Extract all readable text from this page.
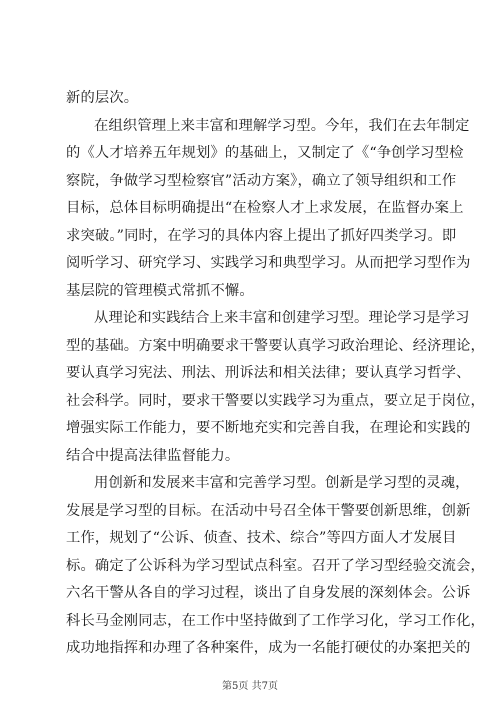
新的层次。
在组织管理上来丰富和理解学习型。今年，我们在去年制定
的《人才培养五年规划》的基础上，又制定了《“争创学习型检
察院，争做学习型检察官”活动方案》，确立了领导组织和工作
目标，总体目标明确提出“在检察人才上求发展，在监督办案上
求突破。”同时，在学习的具体内容上提出了抓好四类学习。即
阅听学习、研究学习、实践学习和典型学习。从而把学习型作为
基层院的管理模式常抓不懈。
从理论和实践结合上来丰富和创建学习型。理论学习是学习
型的基础。方案中明确要求干警要认真学习政治理论、经济理论，
要认真学习宪法、刑法、刑诉法和相关法律；要认真学习哲学、
社会科学。同时，要求干警要以实践学习为重点，要立足于岗位，
增强实际工作能力，要不断地充实和完善自我，在理论和实践的
结合中提高法律监督能力。
用创新和发展来丰富和完善学习型。创新是学习型的灵魂，
发展是学习型的目标。在活动中号召全体干警要创新思维，创新
工作，规划了“公诉、侦查、技术、综合”等四方面人才发展目
标。确定了公诉科为学习型试点科室。召开了学习型经验交流会，
六名干警从各自的学习过程，谈出了自身发展的深刻体会。公诉
科长马金刚同志，在工作中坚持做到了工作学习化，学习工作化，
成功地指挥和办理了各种案件，成为一名能打硬仗的办案把关的
第5页 共7页
